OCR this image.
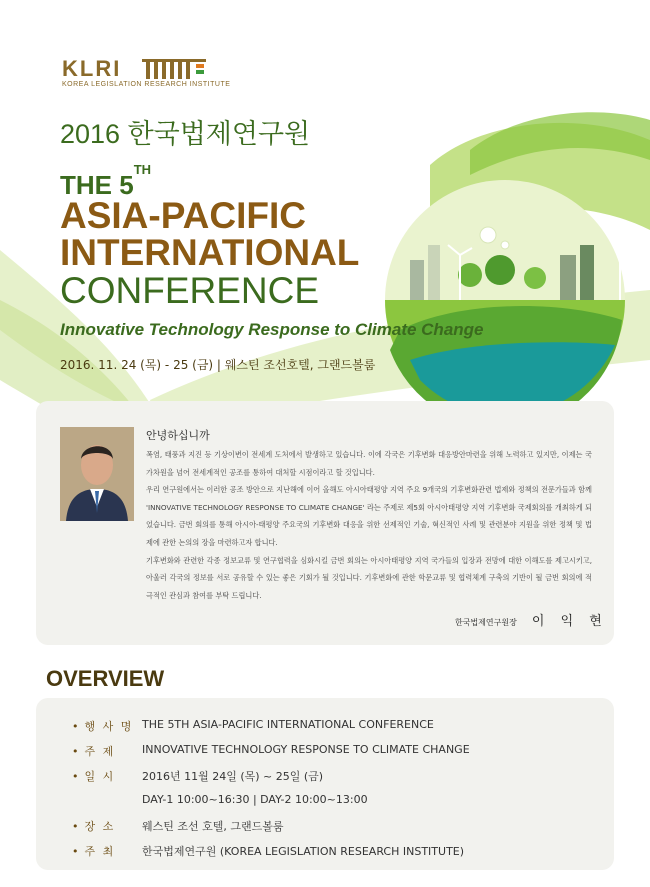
KLRI
KOREA LEGISLATION RESEARCH INSTITUTE
2016 한국법제연구원
THE 5TH
ASIA-PACIFIC
INTERNATIONAL
CONFERENCE
Innovative Technology Response to Climate Change
2016. 11. 24 (목) - 25 (금) | 웨스틴 조선호텔, 그랜드볼룸
안녕하십니까

폭염, 태풍과 지진 등 기상이변이 전세계 도처에서 발생하고 있습니다. 이에 각국은 기후변화 대응방안마련을 위해 노력하고 있지만, 이제는 국가차원을 넘어 전세계적인 공조를 통하여 대처할 시점이라고 할 것입니다.

우리 연구원에서는 이러한 공조 방안으로 지난해에 이어 올해도 아시아태평양 지역 주요 9개국의 기후변화관련 법제와 정책의 전문가들과 함께 'INNOVATIVE TECHNOLOGY RESPONSE TO CLIMATE CHANGE' 라는 주제로 제5회 아시아태평양 지역 기후변화 국제회의를 개최하게 되었습니다. 금번 회의를 통해 아시아-태평양 주요국의 기후변화 대응을 위한 선제적인 기술, 혁신적인 사례 및 관련분야 지원을 위한 정책 및 법제에 관한 논의의 장을 마련하고자 합니다.

기후변화와 관련한 각종 정보교류 및 연구협력을 심화시킬 금번 회의는 아시아태평양 지역 국가들의 입장과 전망에 대한 이해도를 제고시키고, 아울러 각국의 정보를 서로 공유할 수 있는 좋은 기회가 될 것입니다. 기후변화에 관한 학문교류 및 협력체계 구축의 기반이 될 금번 회의에 적극적인 관심과 참여를 부탁 드립니다.

한국법제연구원장 이 익 현
OVERVIEW
• 행 사 명 THE 5TH ASIA-PACIFIC INTERNATIONAL CONFERENCE
• 주 제 INNOVATIVE TECHNOLOGY RESPONSE TO CLIMATE CHANGE
• 일 시 2016년 11월 24일 (목) ~ 25일 (금)
DAY-1 10:00~16:30 | DAY-2 10:00~13:00
• 장 소 웨스틴 조선 호텔, 그랜드볼룸
• 주 최 한국법제연구원 (KOREA LEGISLATION RESEARCH INSTITUTE)
